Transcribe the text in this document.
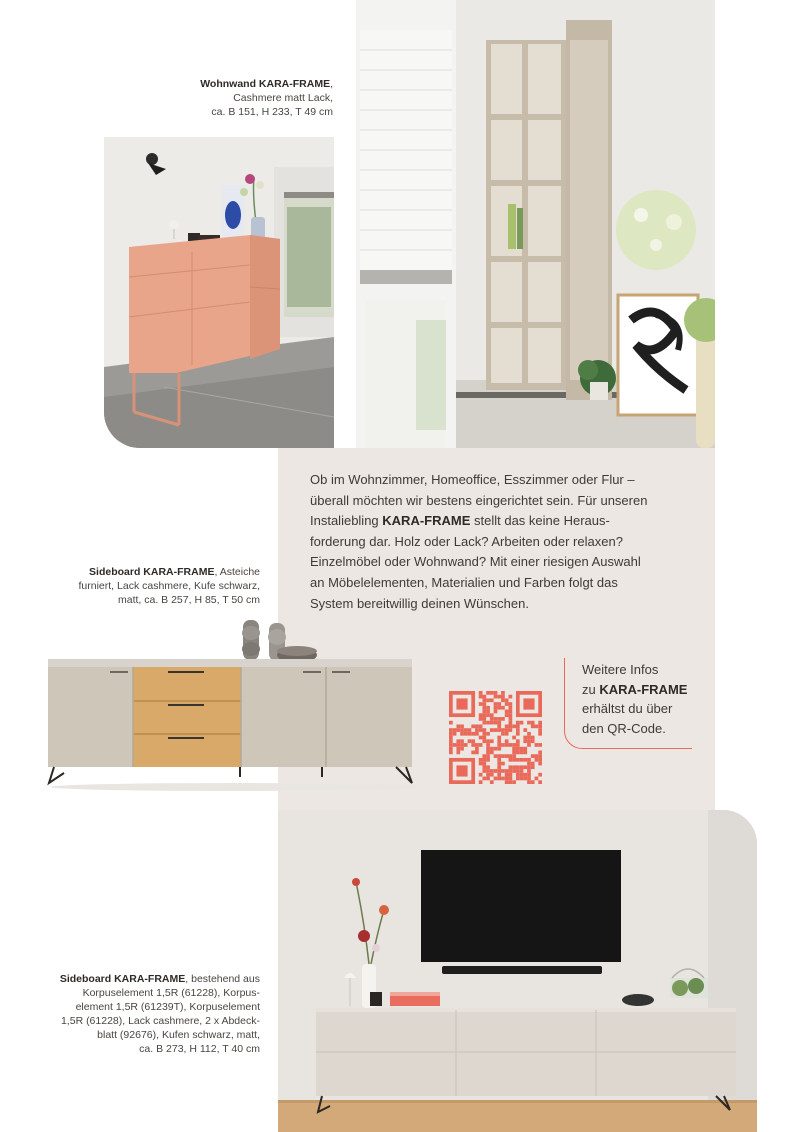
Wohnwand KARA-FRAME,
Cashmere matt Lack,
ca. B 151, H 233, T 49 cm
Ob im Wohnzimmer, Homeoffice, Esszimmer oder Flur –
überall möchten wir bestens eingerichtet sein. Für unseren
Instaliebling KARA-FRAME stellt das keine Heraus-
forderung dar. Holz oder Lack? Arbeiten oder relaxen?
Einzelmöbel oder Wohnwand? Mit einer riesigen Auswahl
an Möbelelementen, Materialien und Farben folgt das
System bereitwillig deinen Wünschen.
Sideboard KARA-FRAME, Asteiche
furniert, Lack cashmere, Kufe schwarz,
matt, ca. B 257, H 85, T 50 cm
Weitere Infos
zu KARA-FRAME
erhältst du über
den QR-Code.
Sideboard KARA-FRAME, bestehend aus
Korpuselement 1,5R (61228), Korpus-
element 1,5R (61239T), Korpuselement
1,5R (61228), Lack cashmere, 2 x Abdeck-
blatt (92676), Kufen schwarz, matt,
ca. B 273, H 112, T 40 cm
